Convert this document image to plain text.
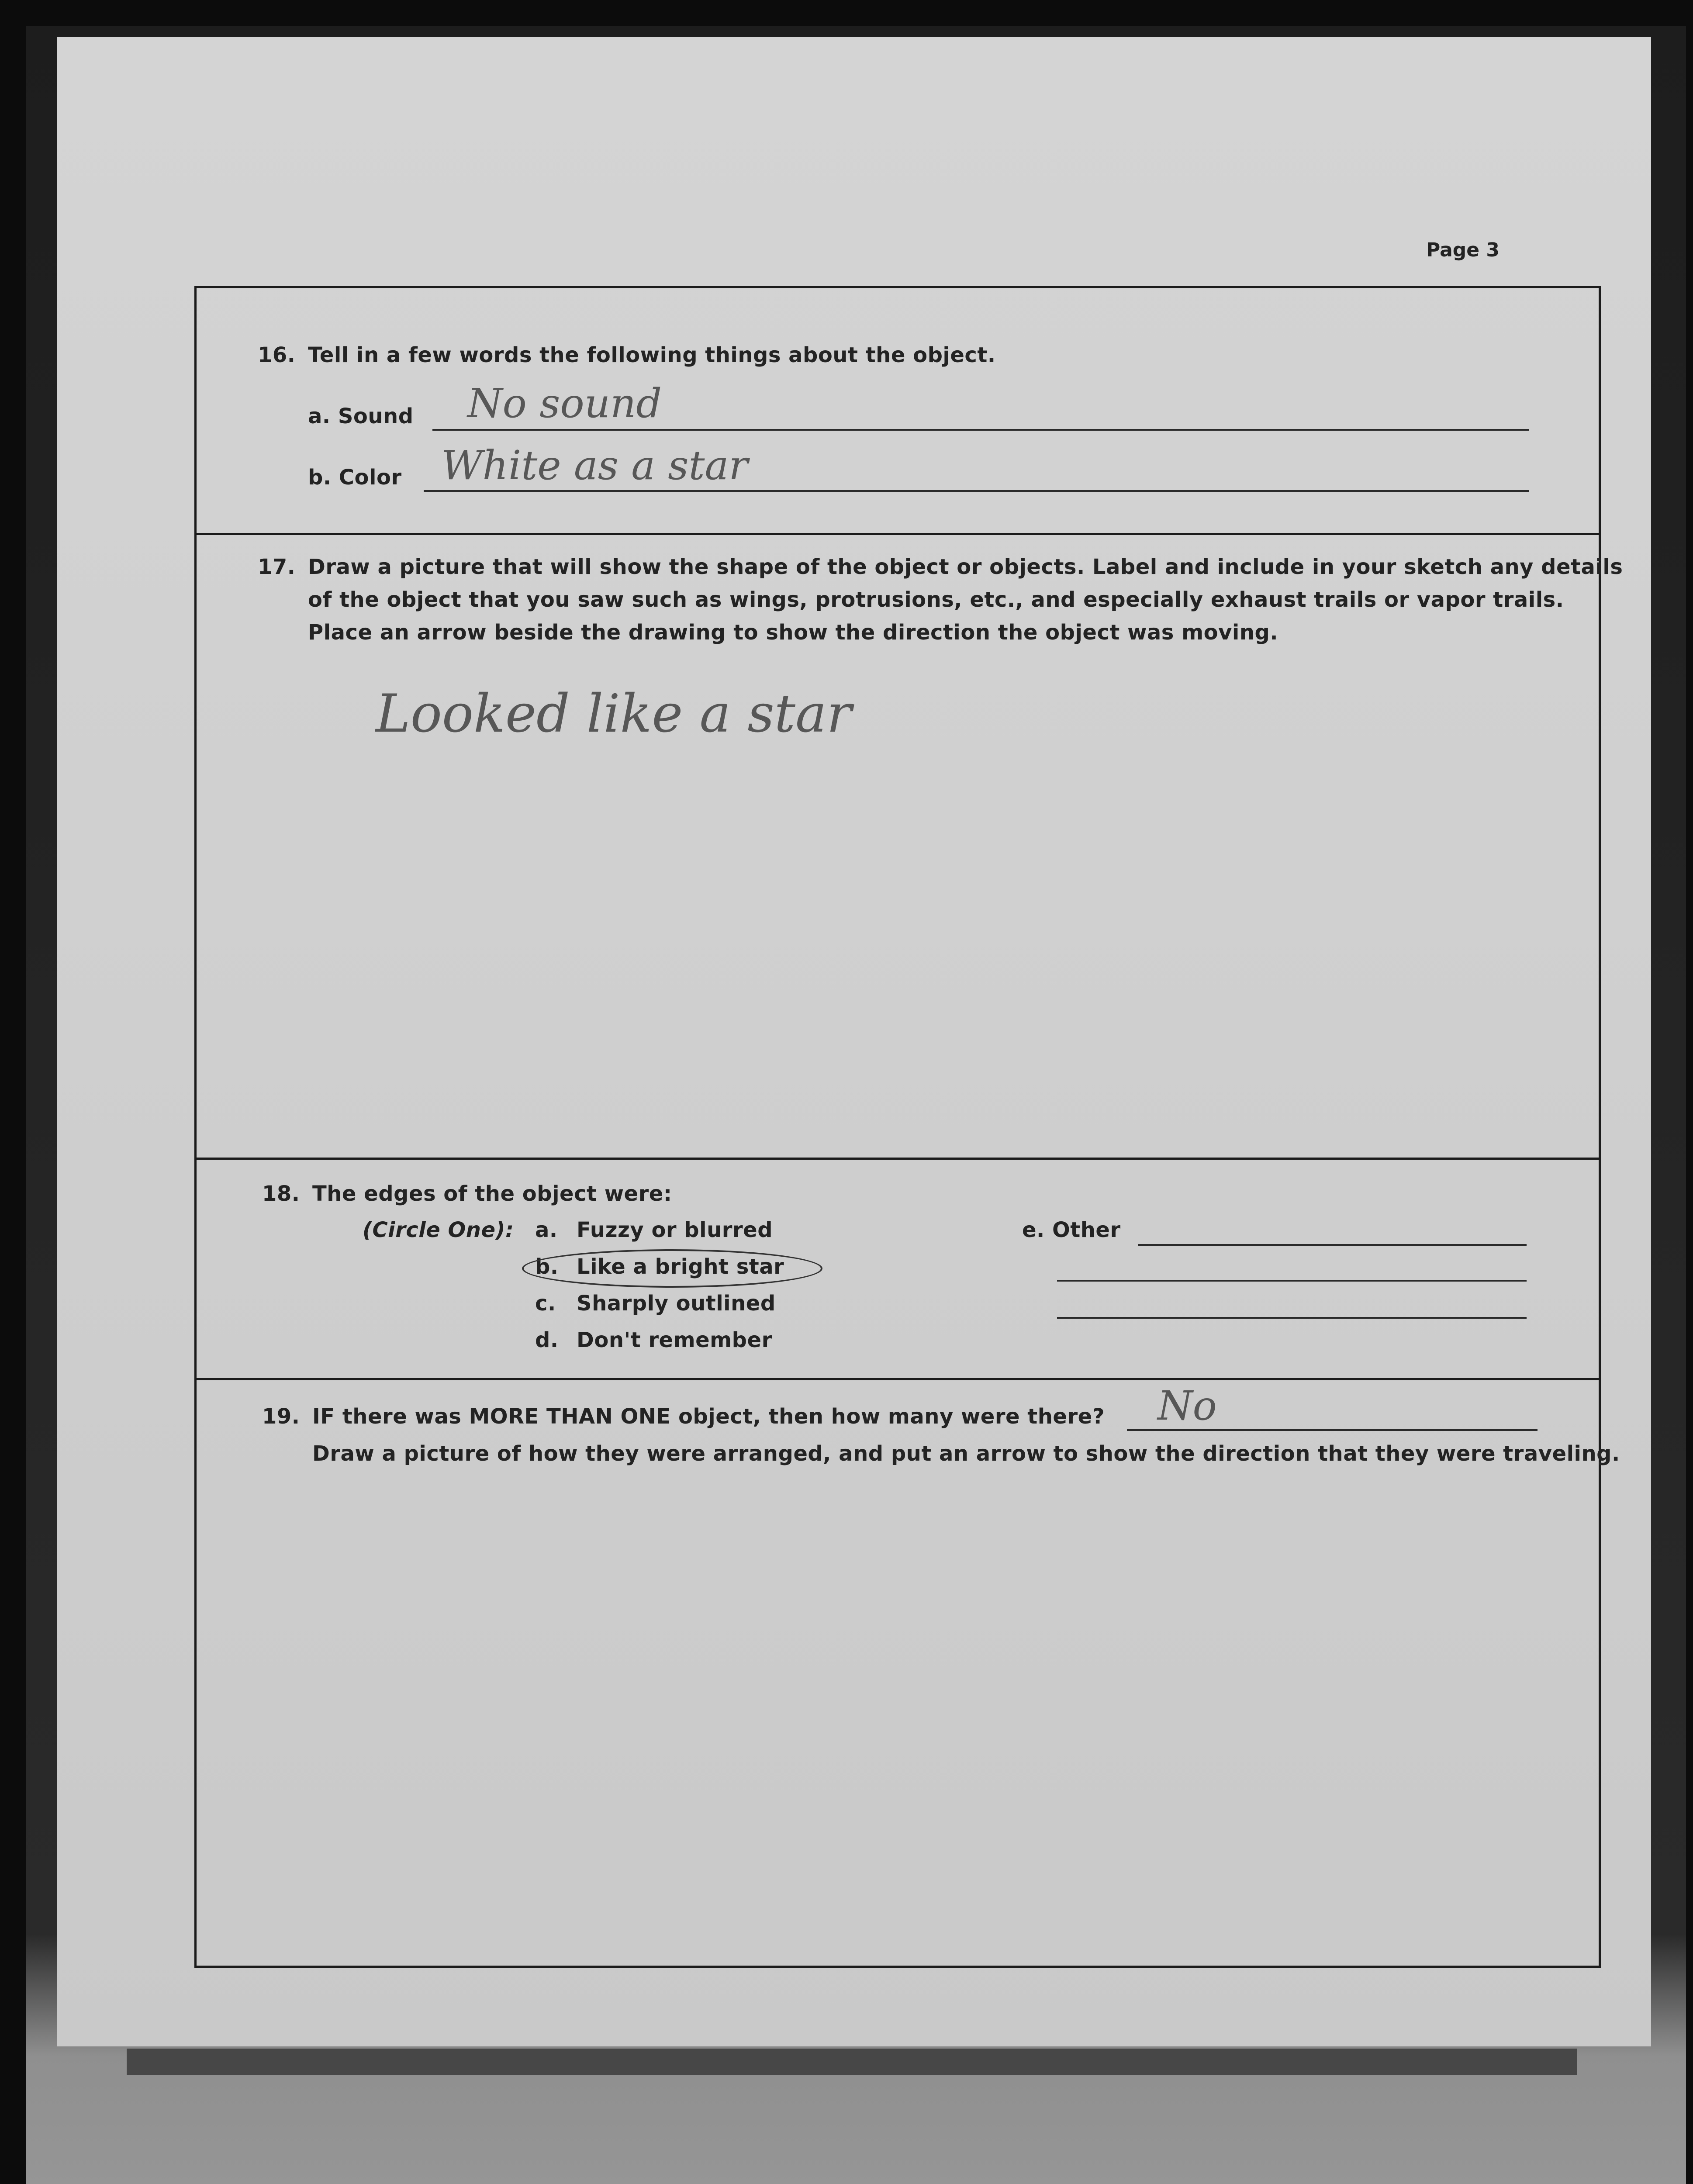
Page 3
16. Tell in a few words the following things about the object.
a. Sound No sound
b. Color White as a star
17. Draw a picture that will show the shape of the object or objects. Label and include in your sketch any details
of the object that you saw such as wings, protrusions, etc., and especially exhaust trails or vapor trails.
Place an arrow beside the drawing to show the direction the object was moving.
Looked like a star
18. The edges of the object were:
(Circle One): a. Fuzzy or blurred
b. Like a bright star
c. Sharply outlined
d. Don't remember
e. Other
19. IF there was MORE THAN ONE object, then how many were there? No
Draw a picture of how they were arranged, and put an arrow to show the direction that they were traveling.
